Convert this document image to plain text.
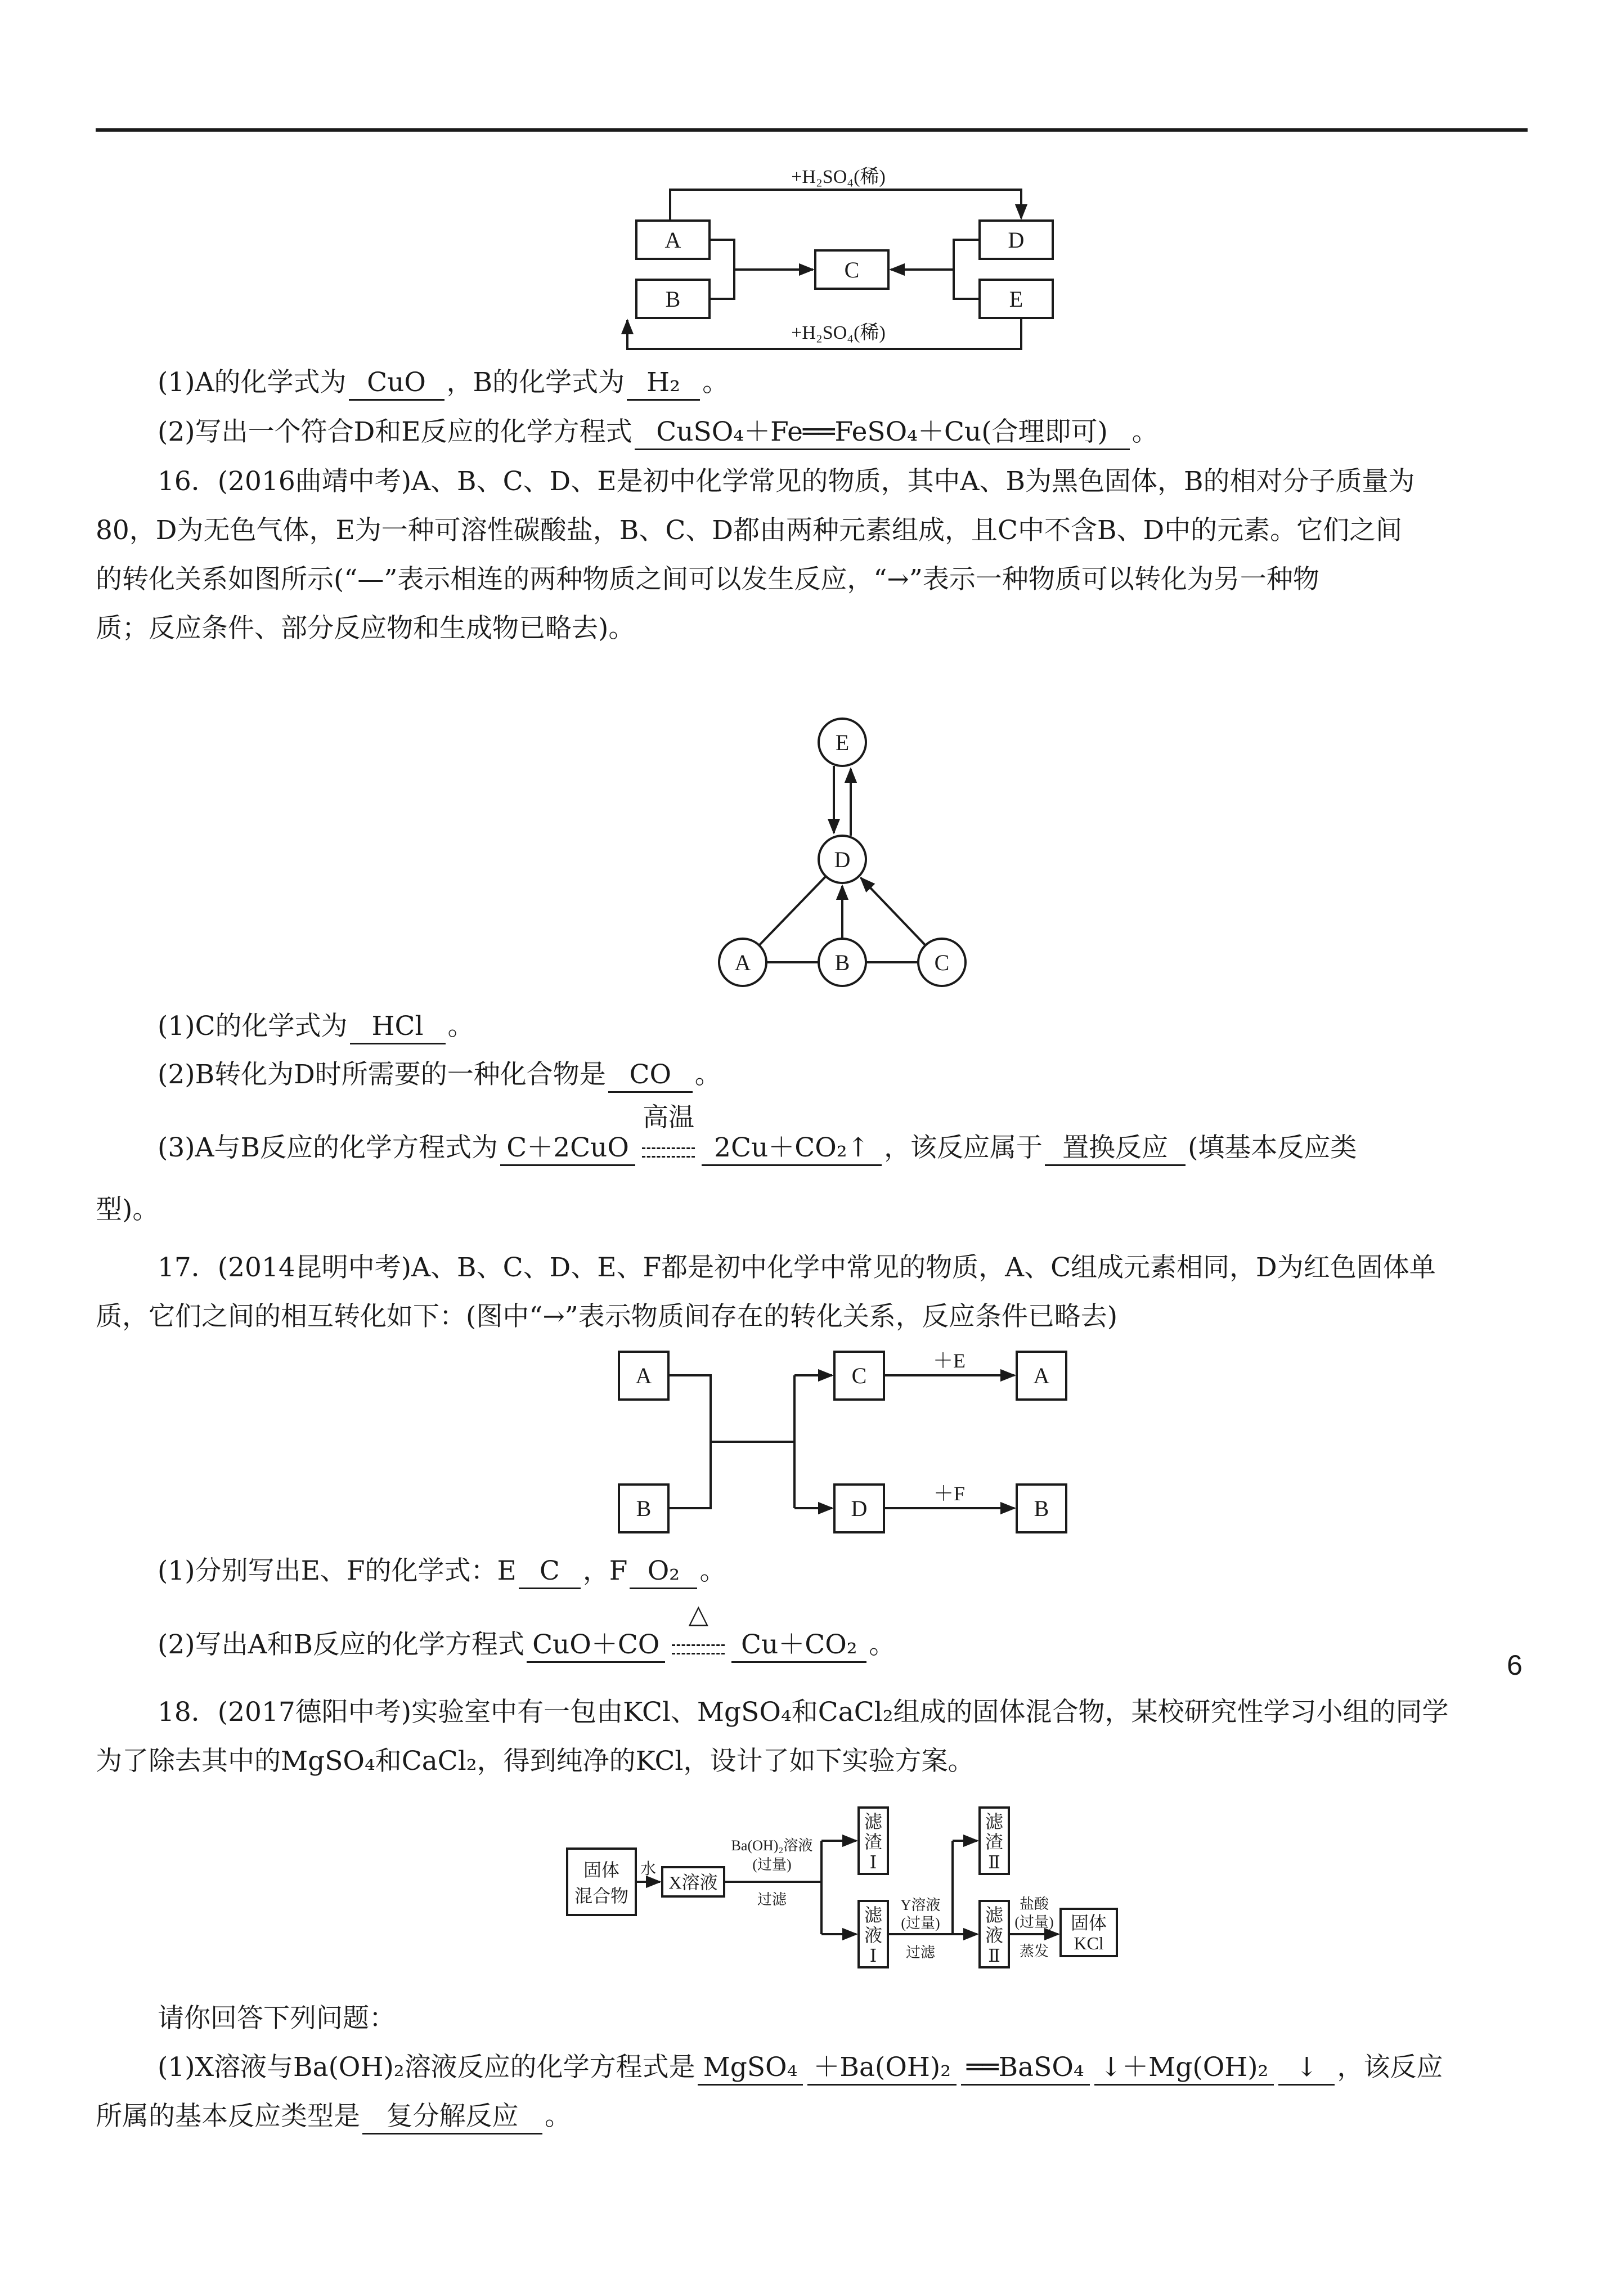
A
B
C
D
E
+H₂SO₄(稀)
+H₂SO₄(稀)
E
D
A	B	C
A
B
C	A
D	B
＋E
＋F
固体
混合物
水
X溶液
Ba(OH)₂溶液
(过量)
过滤
滤
渣
Ⅰ
滤
液
Ⅰ
Y溶液
(过量)
过滤
滤
渣
Ⅱ
滤
液
Ⅱ
盐酸
(过量)
蒸发
固体
KCl
(1)A的化学式为 CuO ，B的化学式为 H₂ 。
(2)写出一个符合D和E反应的化学方程式 CuSO₄＋Fe══FeSO₄＋Cu(合理即可) 。
16．(2016曲靖中考)A、B、C、D、E是初中化学常见的物质，其中A、B为黑色固体，B的相对分子质量为
80，D为无色气体，E为一种可溶性碳酸盐，B、C、D都由两种元素组成，且C中不含B、D中的元素。它们之间
的转化关系如图所示(“—”表示相连的两种物质之间可以发生反应，“→”表示一种物质可以转化为另一种物
质；反应条件、部分反应物和生成物已略去)。
(1)C的化学式为 HCl 。
(2)B转化为D时所需要的一种化合物是 CO 。
(3)A与B反应的化学方程式为 C＋2CuO
高温
2Cu＋CO₂↑ ，该反应属于 置换反应 (填基本反应类
型)。
17．(2014昆明中考)A、B、C、D、E、F都是初中化学中常见的物质，A、C组成元素相同，D为红色固体单
质，它们之间的相互转化如下：(图中“→”表示物质间存在的转化关系，反应条件已略去)
(1)分别写出E、F的化学式：E C ，F O₂ 。
(2)写出A和B反应的化学方程式 CuO＋CO
△
Cu＋CO₂ 。
18．(2017德阳中考)实验室中有一包由KCl、MgSO₄和CaCl₂组成的固体混合物，某校研究性学习小组的同学
为了除去其中的MgSO₄和CaCl₂，得到纯净的KCl，设计了如下实验方案。
请你回答下列问题：
(1)X溶液与Ba(OH)₂溶液反应的化学方程式是 MgSO₄ ＋Ba(OH)₂ ══BaSO₄ ↓＋Mg(OH)₂ ↓ ，该反应
所属的基本反应类型是 复分解反应 。
6
